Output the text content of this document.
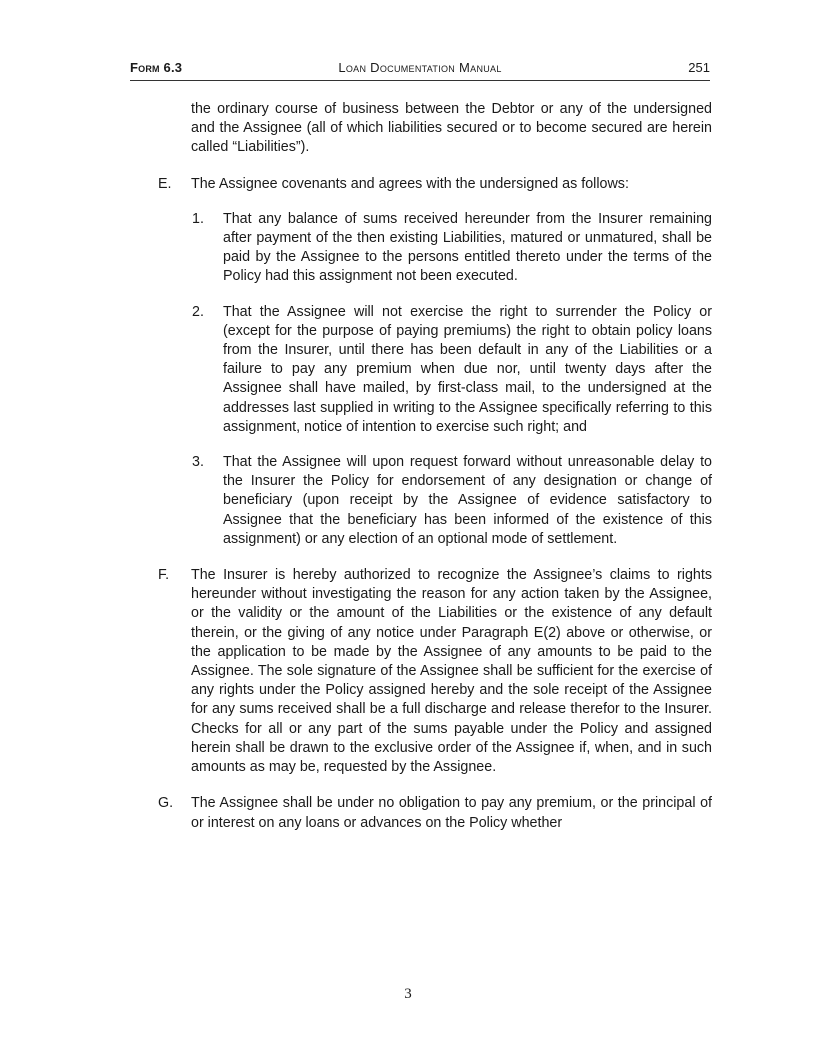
Form 6.3	Loan Documentation Manual	251

the ordinary course of business between the Debtor or any of the undersigned and the Assignee (all of which liabilities secured or to become secured are herein called “Liabilities”).

E. The Assignee covenants and agrees with the undersigned as follows:

1. That any balance of sums received hereunder from the Insurer remaining after payment of the then existing Liabilities, matured or unmatured, shall be paid by the Assignee to the persons entitled thereto under the terms of the Policy had this assignment not been executed.

2. That the Assignee will not exercise the right to surrender the Policy or (except for the purpose of paying premiums) the right to obtain policy loans from the Insurer, until there has been default in any of the Liabilities or a failure to pay any premium when due nor, until twenty days after the Assignee shall have mailed, by first-class mail, to the undersigned at the addresses last supplied in writing to the Assignee specifically referring to this assignment, notice of intention to exercise such right; and

3. That the Assignee will upon request forward without unreasonable delay to the Insurer the Policy for endorsement of any designation or change of beneficiary (upon receipt by the Assignee of evidence satisfactory to Assignee that the beneficiary has been informed of the existence of this assignment) or any election of an optional mode of settlement.

F. The Insurer is hereby authorized to recognize the Assignee’s claims to rights hereunder without investigating the reason for any action taken by the Assignee, or the validity or the amount of the Liabilities or the existence of any default therein, or the giving of any notice under Paragraph E(2) above or otherwise, or the application to be made by the Assignee of any amounts to be paid to the Assignee. The sole signature of the Assignee shall be sufficient for the exercise of any rights under the Policy assigned hereby and the sole receipt of the Assignee for any sums received shall be a full discharge and release therefor to the Insurer. Checks for all or any part of the sums payable under the Policy and assigned herein shall be drawn to the exclusive order of the Assignee if, when, and in such amounts as may be, requested by the Assignee.

G. The Assignee shall be under no obligation to pay any premium, or the principal of or interest on any loans or advances on the Policy whether

3
